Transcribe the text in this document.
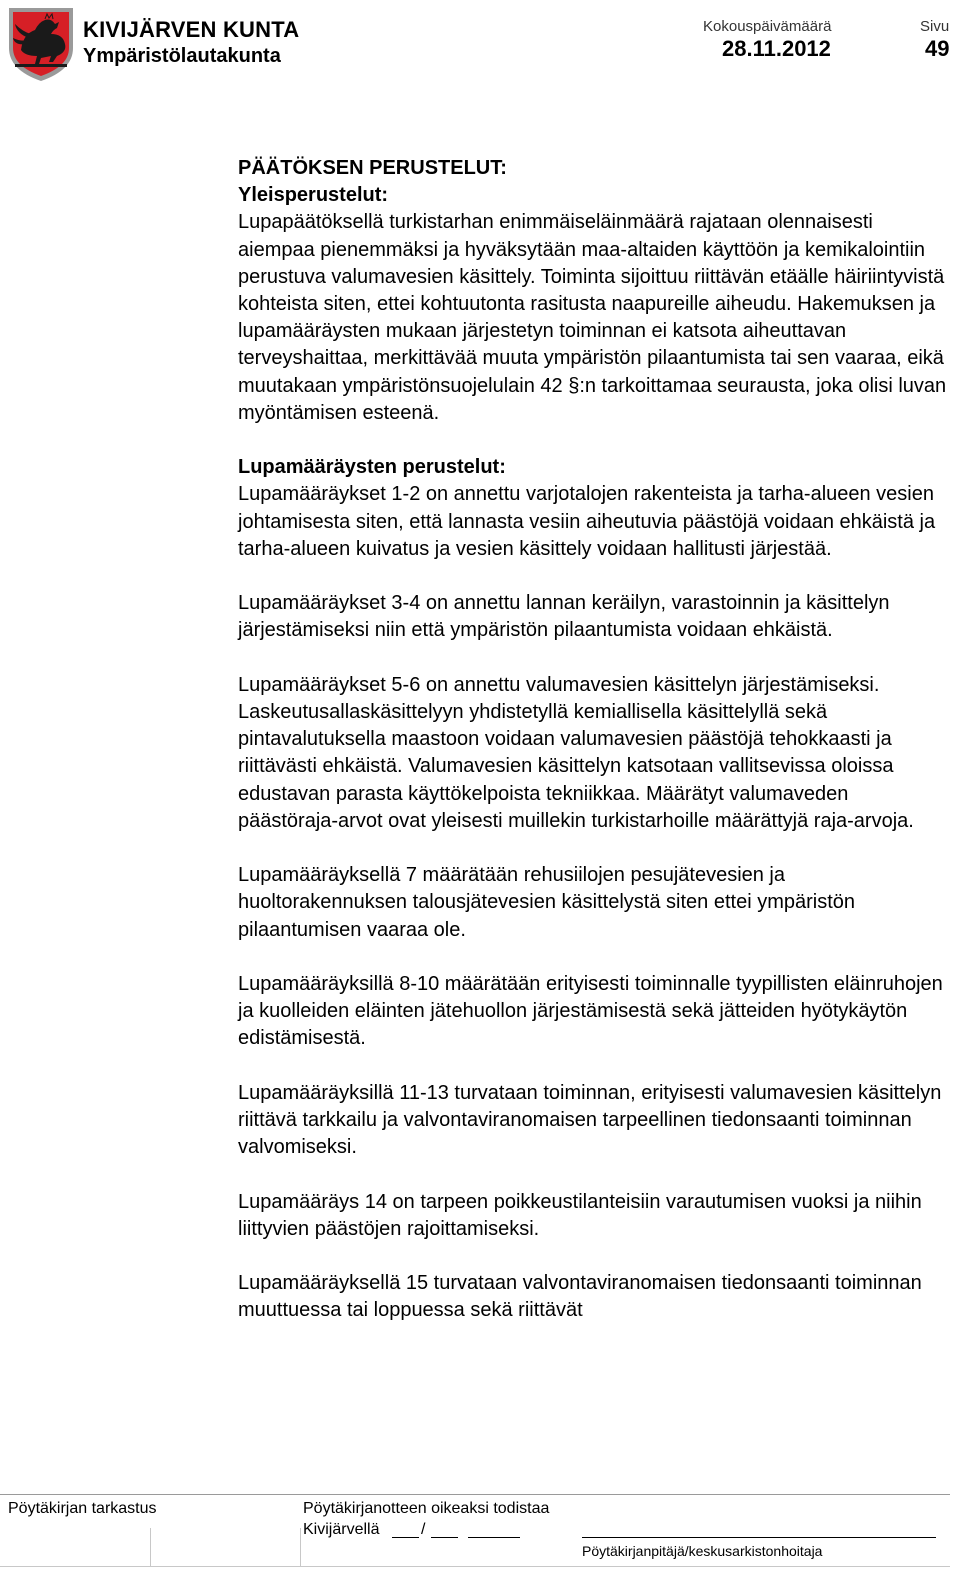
KIVIJÄRVEN KUNTA
Ympäristölautakunta
Kokouspäivämäärä
28.11.2012
Sivu
49
PÄÄTÖKSEN PERUSTELUT:
Yleisperustelut:

Lupapäätöksellä turkistarhan enimmäiseläinmäärä rajataan olennaisesti aiempaa pienemmäksi ja hyväksytään maa-altaiden käyttöön ja kemikalointiin perustuva valumavesien käsittely. Toiminta sijoittuu riittävän etäälle häiriintyvistä kohteista siten, ettei kohtuutonta rasitusta naapureille aiheudu. Hakemuksen ja lupamääräysten mukaan järjestetyn toiminnan ei katsota aiheuttavan terveyshaittaa, merkittävää muuta ympäristön pilaantumista tai sen vaaraa, eikä muutakaan ympäristönsuojelulain 42 §:n tarkoittamaa seurausta, joka olisi luvan myöntämisen esteenä.

Lupamääräysten perustelut:

Lupamääräykset 1-2 on annettu varjotalojen rakenteista ja tarha-alueen vesien johtamisesta siten, että lannasta vesiin aiheutuvia päästöjä voidaan ehkäistä ja tarha-alueen kuivatus ja vesien käsittely voidaan hallitusti järjestää.

Lupamääräykset 3-4 on annettu lannan keräilyn, varastoinnin ja käsittelyn järjestämiseksi niin että ympäristön pilaantumista voidaan ehkäistä.

Lupamääräykset 5-6 on annettu valumavesien käsittelyn järjestämiseksi. Laskeutusallaskäsittelyyn yhdistetyllä kemiallisella käsittelyllä sekä pintavalutuksella maastoon voidaan valumavesien päästöjä tehokkaasti ja riittävästi ehkäistä. Valumavesien käsittelyn katsotaan vallitsevissa oloissa edustavan parasta käyttökelpoista tekniikkaa. Määrätyt valumaveden päästöraja-arvot ovat yleisesti muillekin turkistarhoille määrättyjä raja-arvoja.

Lupamääräyksellä 7 määrätään rehusiilojen pesujätevesien ja huoltorakennuksen talousjätevesien käsittelystä siten ettei ympäristön pilaantumisen vaaraa ole.

Lupamääräyksillä 8-10 määrätään erityisesti toiminnalle tyypillisten eläinruhojen ja kuolleiden eläinten jätehuollon järjestämisestä sekä jätteiden hyötykäytön edistämisestä.

Lupamääräyksillä 11-13 turvataan toiminnan, erityisesti valumavesien käsittelyn riittävä tarkkailu ja valvontaviranomaisen tarpeellinen tiedonsaanti toiminnan valvomiseksi.

Lupamääräys 14 on tarpeen poikkeustilanteisiin varautumisen vuoksi ja niihin liittyvien päästöjen rajoittamiseksi.

Lupamääräyksellä 15 turvataan valvontaviranomaisen tiedonsaanti toiminnan muuttuessa tai loppuessa sekä riittävät

Pöytäkirjan tarkastus	Pöytäkirjanotteen oikeaksi todistaa
Kivijärvellä	/
Pöytäkirjanpitäjä/keskusarkistonhoitaja
